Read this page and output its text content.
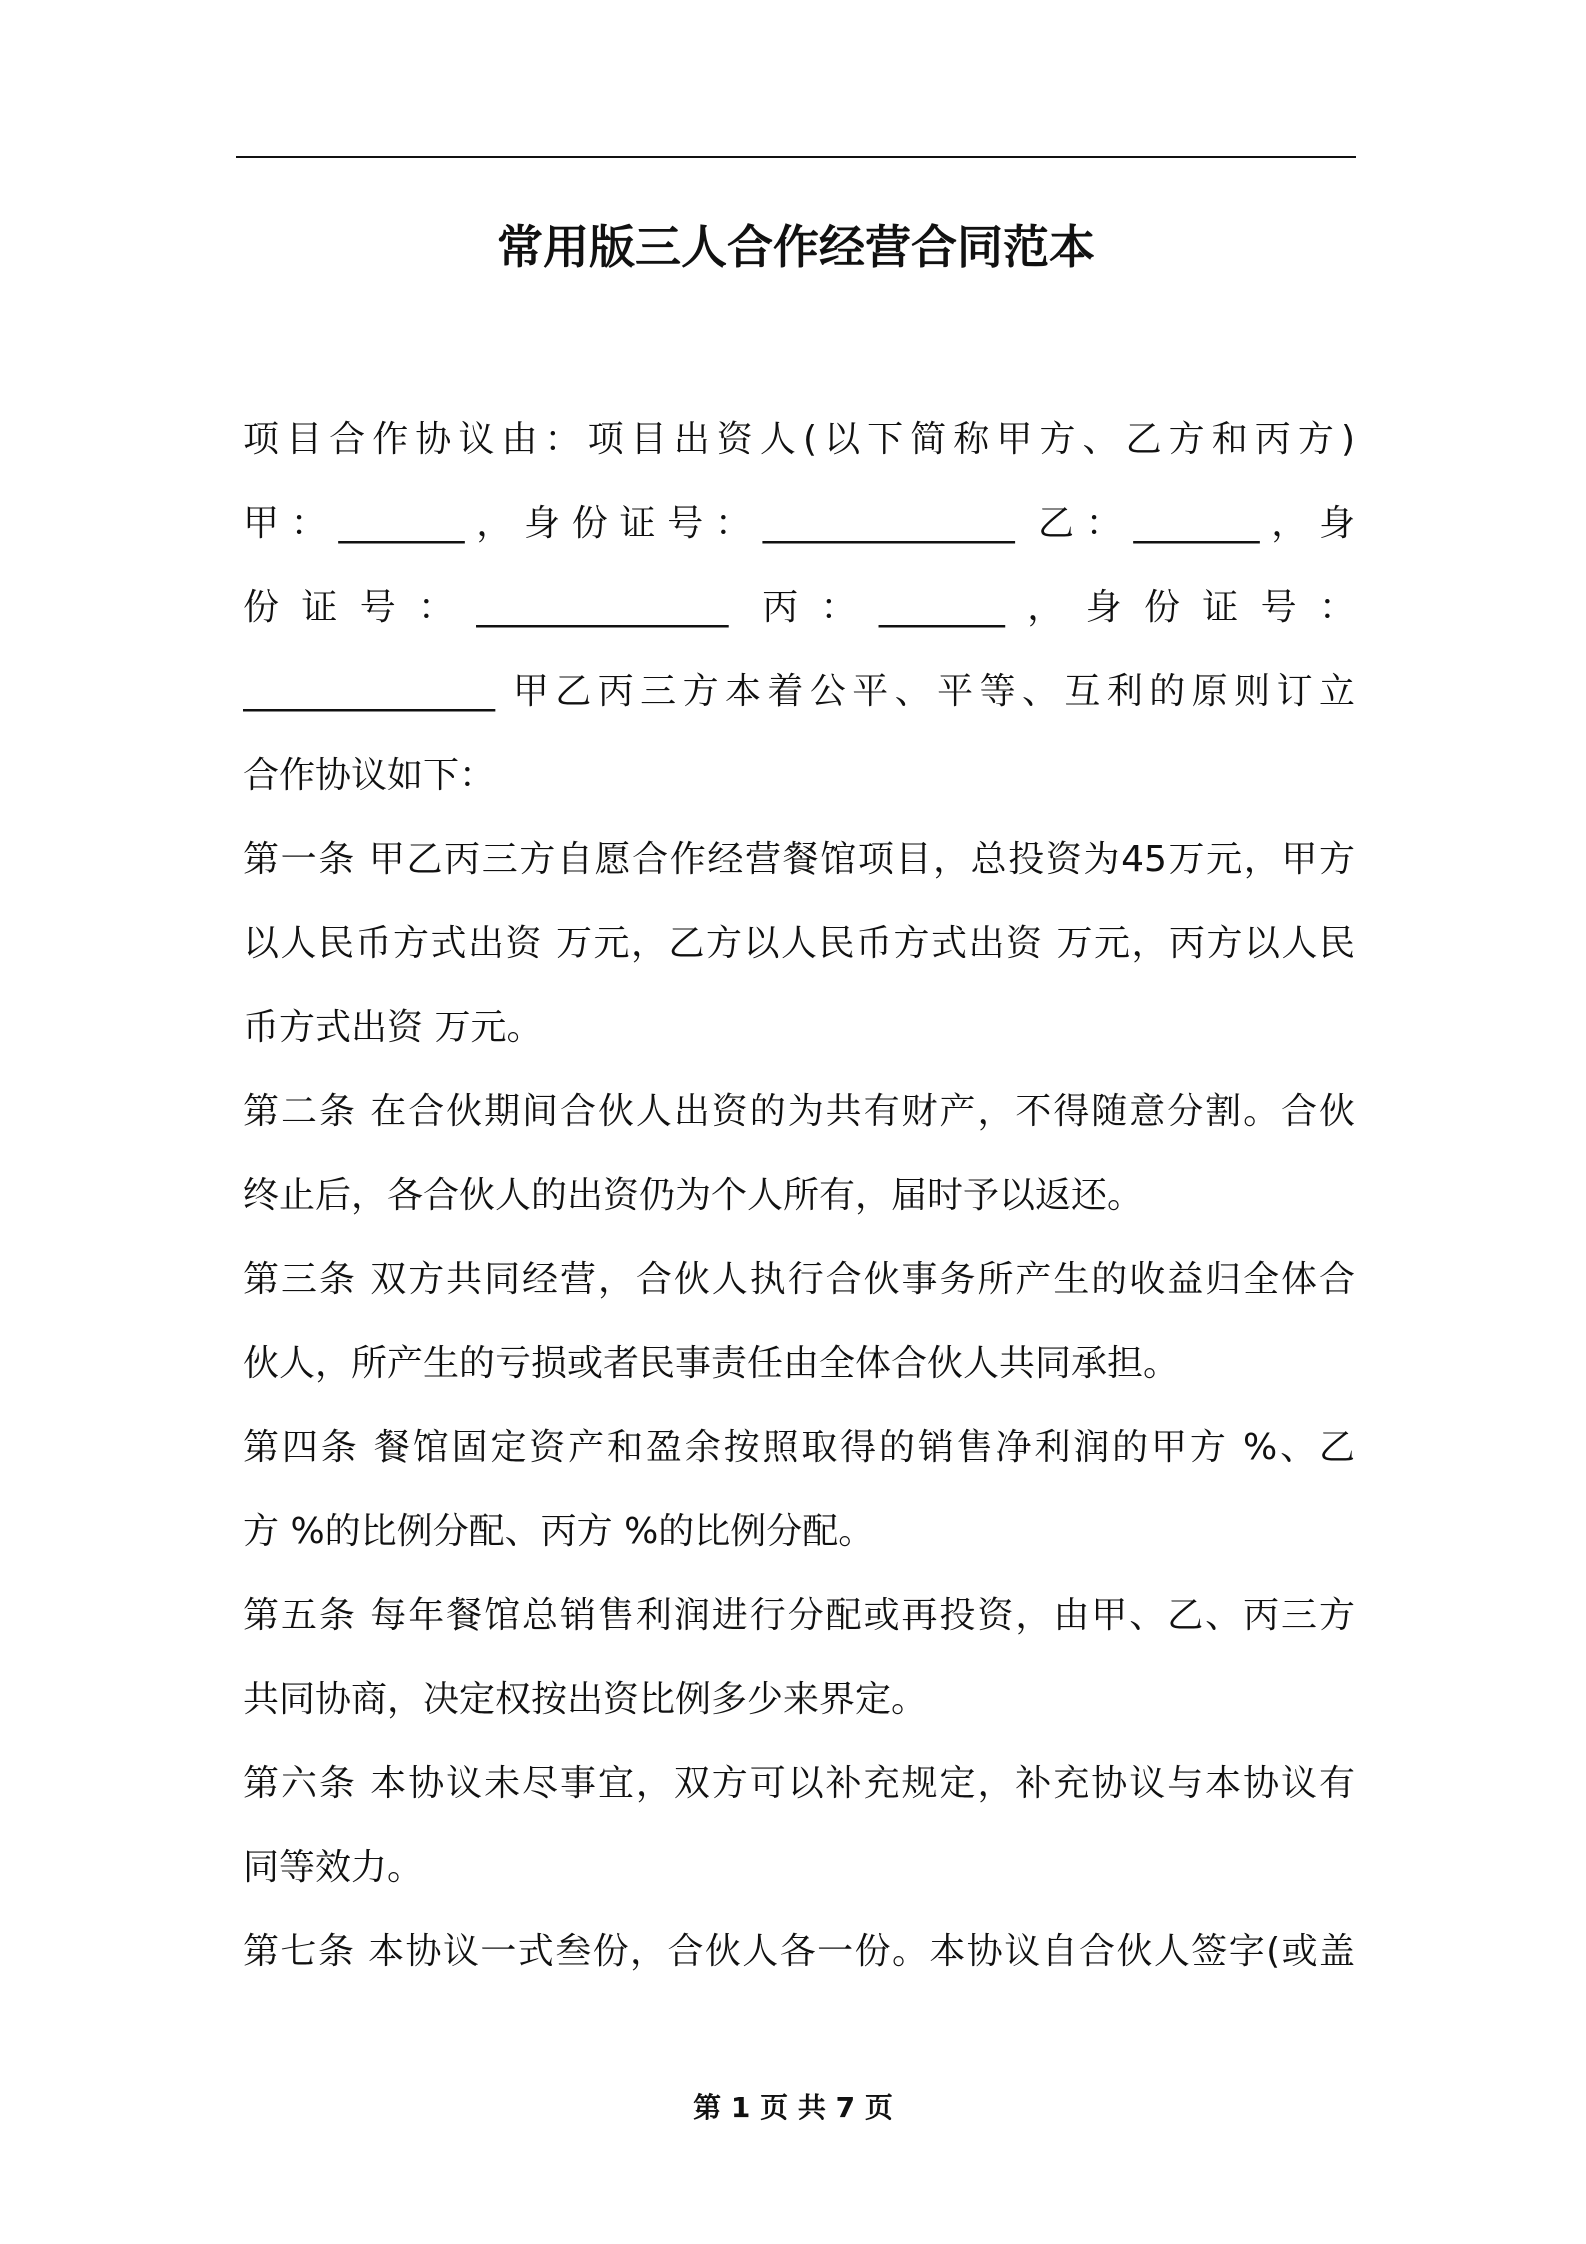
常用版三人合作经营合同范本
项目合作协议由：项目出资人(以下简称甲方、乙方和丙方)
甲：_______，身份证号：______________ 乙：_______，身
份证号：______________ 丙：_______，身份证号：
______________ 甲乙丙三方本着公平、平等、互利的原则订立
合作协议如下：
第一条 甲乙丙三方自愿合作经营餐馆项目，总投资为45万元，甲方
以人民币方式出资 万元，乙方以人民币方式出资 万元，丙方以人民
币方式出资 万元。
第二条 在合伙期间合伙人出资的为共有财产，不得随意分割。合伙
终止后，各合伙人的出资仍为个人所有，届时予以返还。
第三条 双方共同经营，合伙人执行合伙事务所产生的收益归全体合
伙人，所产生的亏损或者民事责任由全体合伙人共同承担。
第四条 餐馆固定资产和盈余按照取得的销售净利润的甲方 %、乙
方 %的比例分配、丙方 %的比例分配。
第五条 每年餐馆总销售利润进行分配或再投资，由甲、乙、丙三方
共同协商，决定权按出资比例多少来界定。
第六条 本协议未尽事宜，双方可以补充规定，补充协议与本协议有
同等效力。
第七条 本协议一式叁份，合伙人各一份。本协议自合伙人签字(或盖
第 1 页 共 7 页
